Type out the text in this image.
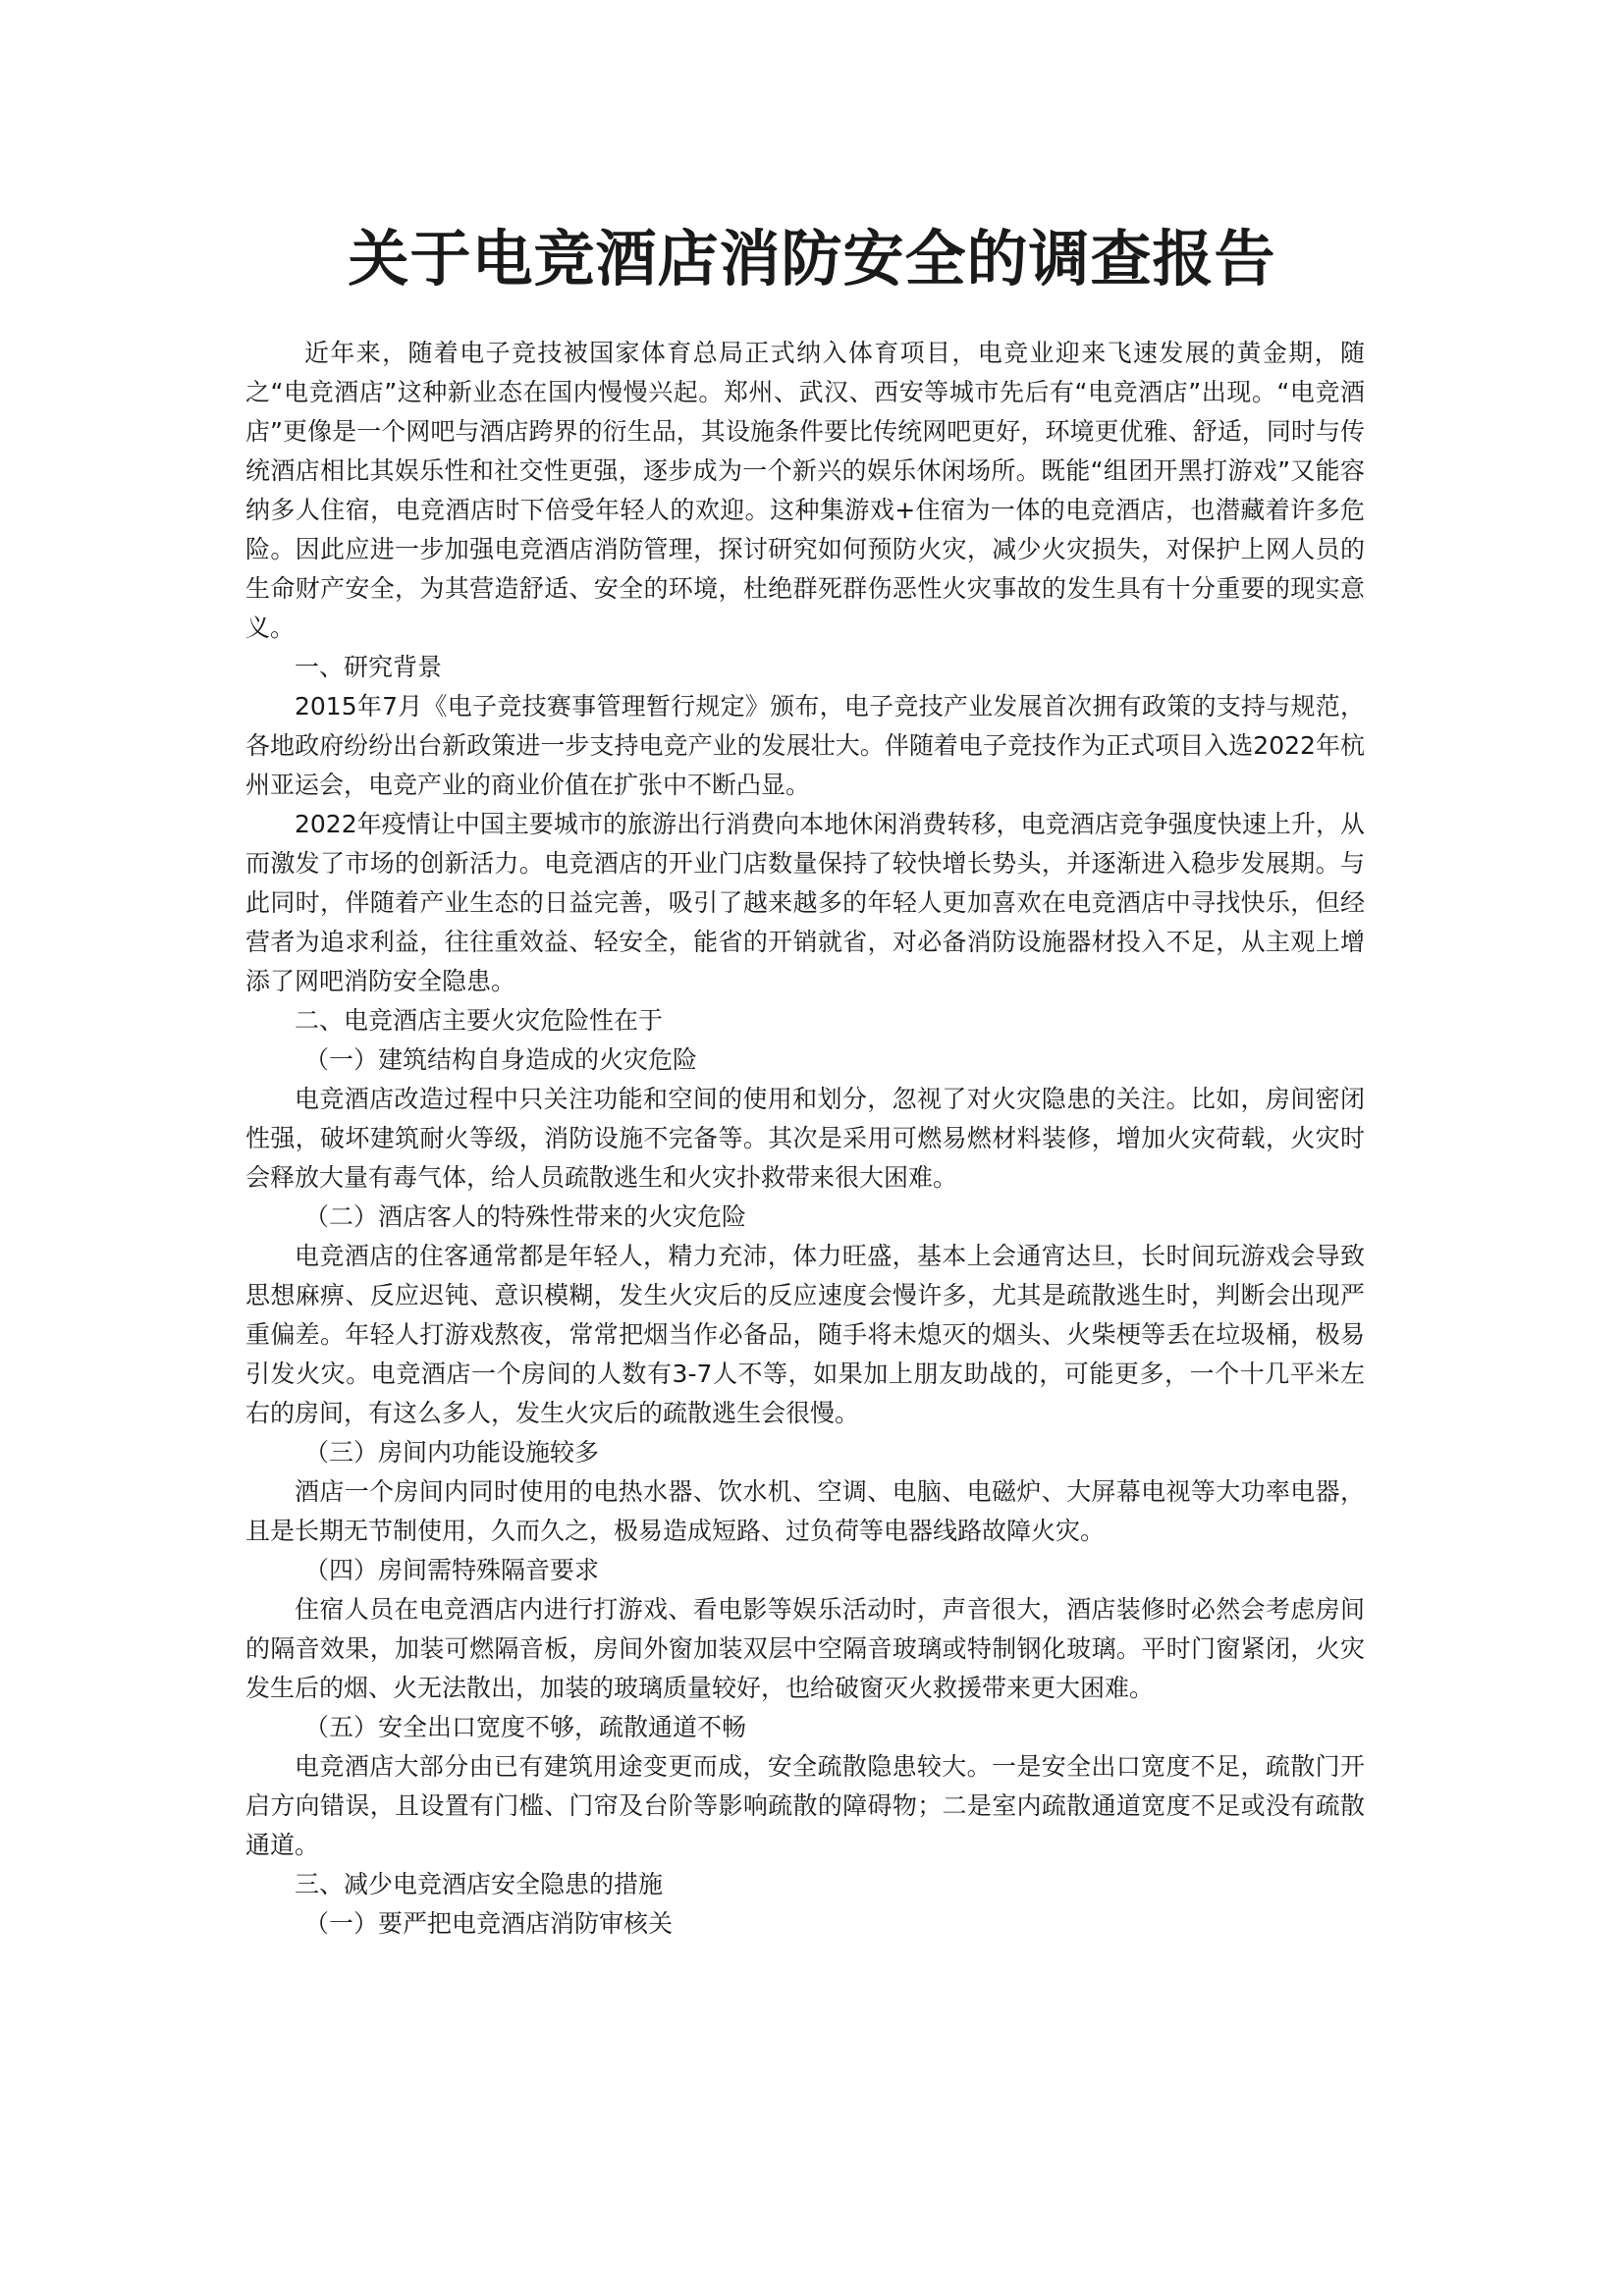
关于电竞酒店消防安全的调查报告

近年来，随着电子竞技被国家体育总局正式纳入体育项目，电竞业迎来飞速发展的黄金期，随之“电竞酒店”这种新业态在国内慢慢兴起。郑州、武汉、西安等城市先后有“电竞酒店”出现。“电竞酒店”更像是一个网吧与酒店跨界的衍生品，其设施条件要比传统网吧更好，环境更优雅、舒适，同时与传统酒店相比其娱乐性和社交性更强，逐步成为一个新兴的娱乐休闲场所。既能“组团开黑打游戏”又能容纳多人住宿，电竞酒店时下倍受年轻人的欢迎。这种集游戏+住宿为一体的电竞酒店，也潜藏着许多危险。因此应进一步加强电竞酒店消防管理，探讨研究如何预防火灾，减少火灾损失，对保护上网人员的生命财产安全，为其营造舒适、安全的环境，杜绝群死群伤恶性火灾事故的发生具有十分重要的现实意义。

一、研究背景

2015年7月《电子竞技赛事管理暂行规定》颁布，电子竞技产业发展首次拥有政策的支持与规范，各地政府纷纷出台新政策进一步支持电竞产业的发展壮大。伴随着电子竞技作为正式项目入选2022年杭州亚运会，电竞产业的商业价值在扩张中不断凸显。

2022年疫情让中国主要城市的旅游出行消费向本地休闲消费转移，电竞酒店竞争强度快速上升，从而激发了市场的创新活力。电竞酒店的开业门店数量保持了较快增长势头，并逐渐进入稳步发展期。与此同时，伴随着产业生态的日益完善，吸引了越来越多的年轻人更加喜欢在电竞酒店中寻找快乐，但经营者为追求利益，往往重效益、轻安全，能省的开销就省，对必备消防设施器材投入不足，从主观上增添了网吧消防安全隐患。

二、电竞酒店主要火灾危险性在于

（一）建筑结构自身造成的火灾危险

电竞酒店改造过程中只关注功能和空间的使用和划分，忽视了对火灾隐患的关注。比如，房间密闭性强，破坏建筑耐火等级，消防设施不完备等。其次是采用可燃易燃材料装修，增加火灾荷载，火灾时会释放大量有毒气体，给人员疏散逃生和火灾扑救带来很大困难。

（二）酒店客人的特殊性带来的火灾危险

电竞酒店的住客通常都是年轻人，精力充沛，体力旺盛，基本上会通宵达旦，长时间玩游戏会导致思想麻痹、反应迟钝、意识模糊，发生火灾后的反应速度会慢许多，尤其是疏散逃生时，判断会出现严重偏差。年轻人打游戏熬夜，常常把烟当作必备品，随手将未熄灭的烟头、火柴梗等丢在垃圾桶，极易引发火灾。电竞酒店一个房间的人数有3-7人不等，如果加上朋友助战的，可能更多，一个十几平米左右的房间，有这么多人，发生火灾后的疏散逃生会很慢。

（三）房间内功能设施较多

酒店一个房间内同时使用的电热水器、饮水机、空调、电脑、电磁炉、大屏幕电视等大功率电器，且是长期无节制使用，久而久之，极易造成短路、过负荷等电器线路故障火灾。

（四）房间需特殊隔音要求

住宿人员在电竞酒店内进行打游戏、看电影等娱乐活动时，声音很大，酒店装修时必然会考虑房间的隔音效果，加装可燃隔音板，房间外窗加装双层中空隔音玻璃或特制钢化玻璃。平时门窗紧闭，火灾发生后的烟、火无法散出，加装的玻璃质量较好，也给破窗灭火救援带来更大困难。

（五）安全出口宽度不够，疏散通道不畅

电竞酒店大部分由已有建筑用途变更而成，安全疏散隐患较大。一是安全出口宽度不足，疏散门开启方向错误，且设置有门槛、门帘及台阶等影响疏散的障碍物；二是室内疏散通道宽度不足或没有疏散通道。

三、减少电竞酒店安全隐患的措施

（一）要严把电竞酒店消防审核关
